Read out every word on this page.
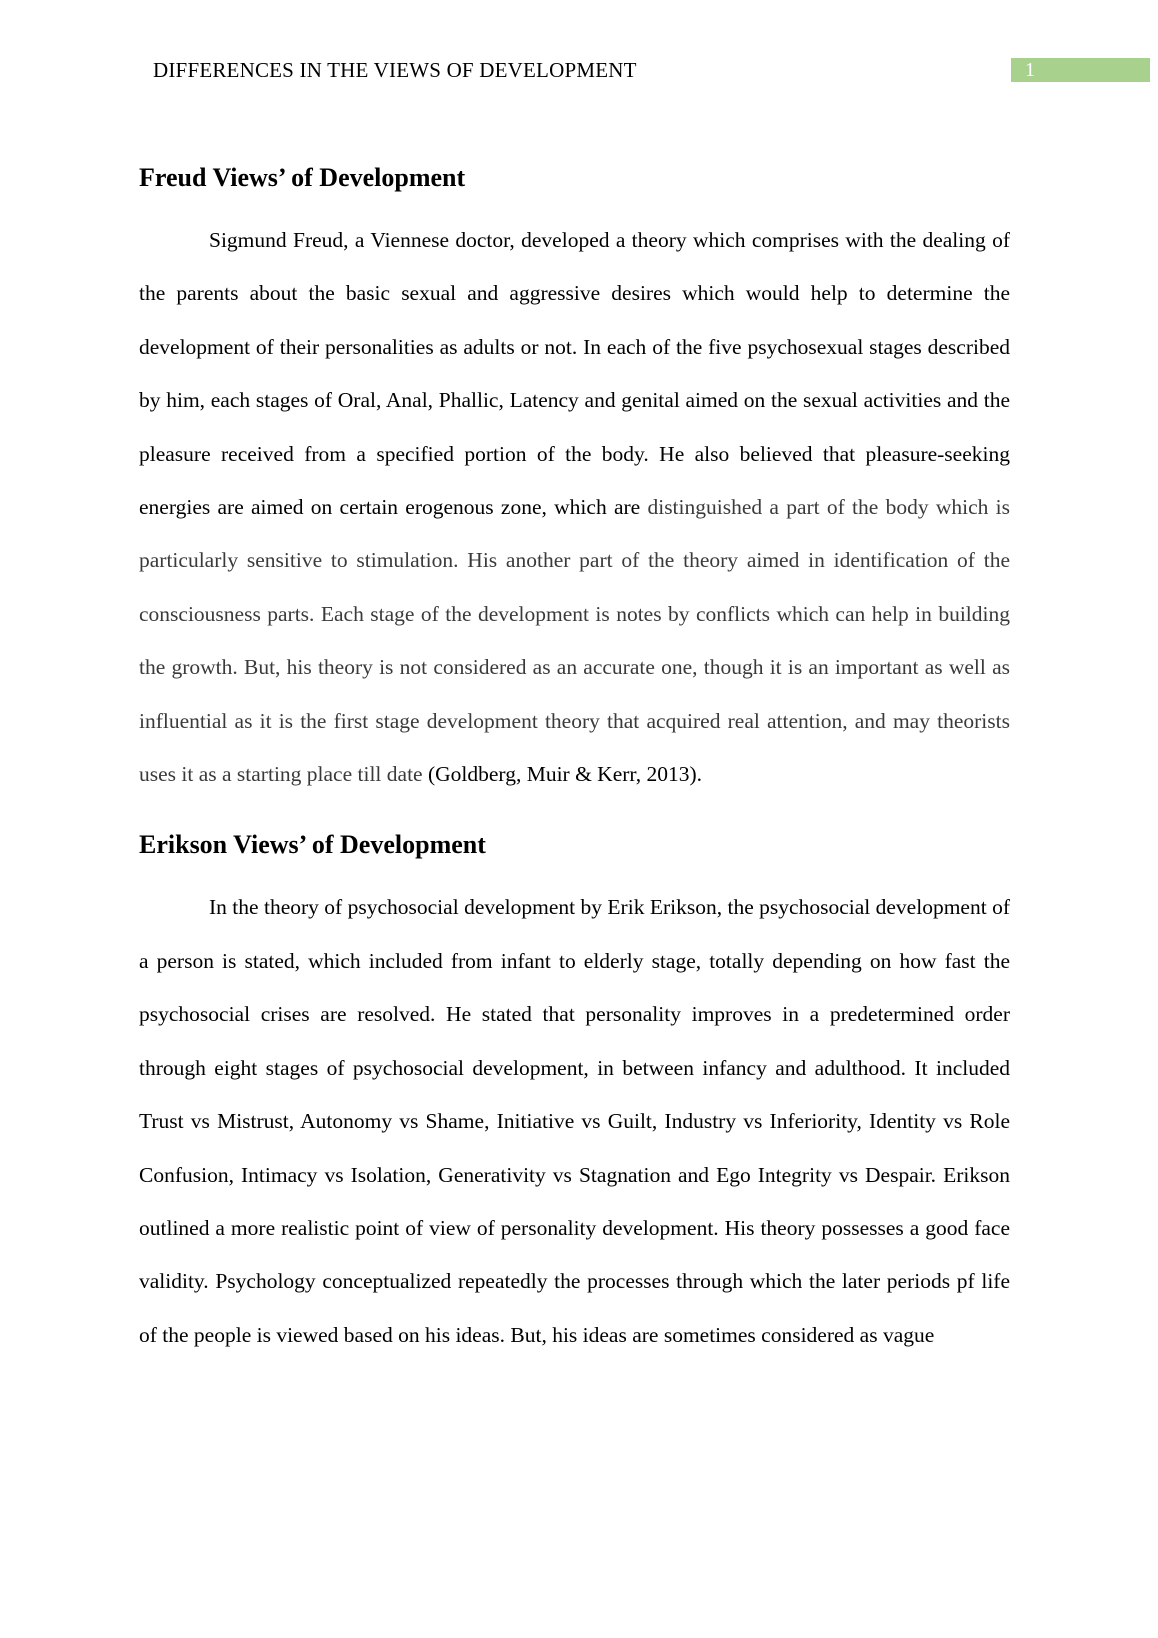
DIFFERENCES IN THE VIEWS OF DEVELOPMENT	1
Freud Views’ of Development

Sigmund Freud, a Viennese doctor, developed a theory which comprises with the dealing of the parents about the basic sexual and aggressive desires which would help to determine the development of their personalities as adults or not. In each of the five psychosexual stages described by him, each stages of Oral, Anal, Phallic, Latency and genital aimed on the sexual activities and the pleasure received from a specified portion of the body. He also believed that pleasure-seeking energies are aimed on certain erogenous zone, which are distinguished a part of the body which is particularly sensitive to stimulation. His another part of the theory aimed in identification of the consciousness parts. Each stage of the development is notes by conflicts which can help in building the growth. But, his theory is not considered as an accurate one, though it is an important as well as influential as it is the first stage development theory that acquired real attention, and may theorists uses it as a starting place till date (Goldberg, Muir & Kerr, 2013).

Erikson Views’ of Development

In the theory of psychosocial development by Erik Erikson, the psychosocial development of a person is stated, which included from infant to elderly stage, totally depending on how fast the psychosocial crises are resolved. He stated that personality improves in a predetermined order through eight stages of psychosocial development, in between infancy and adulthood. It included Trust vs Mistrust, Autonomy vs Shame, Initiative vs Guilt, Industry vs Inferiority, Identity vs Role Confusion, Intimacy vs Isolation, Generativity vs Stagnation and Ego Integrity vs Despair. Erikson outlined a more realistic point of view of personality development. His theory possesses a good face validity. Psychology conceptualized repeatedly the processes through which the later periods pf life of the people is viewed based on his ideas. But, his ideas are sometimes considered as vague
